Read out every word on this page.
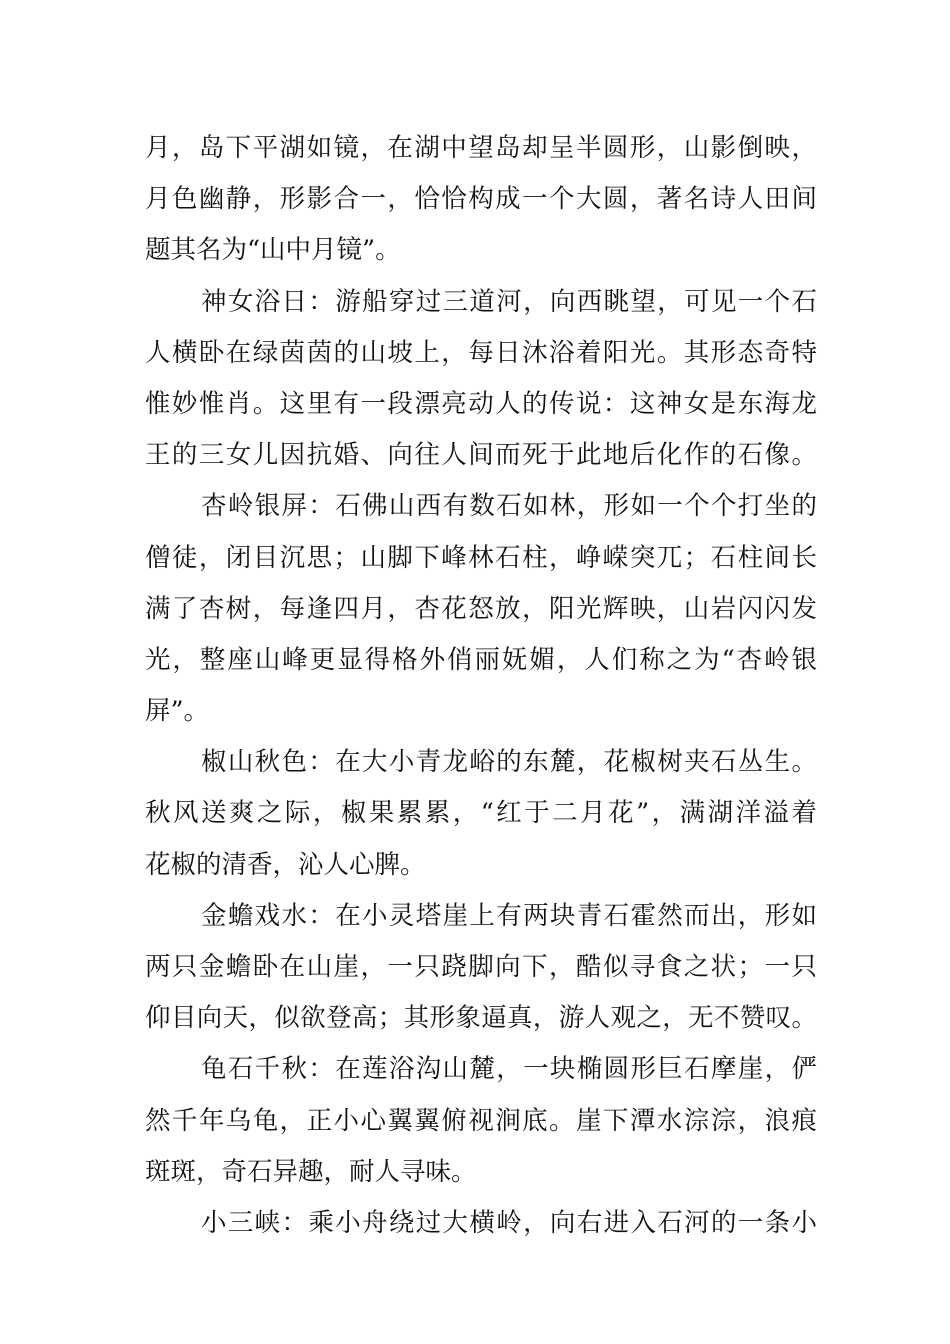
月，岛下平湖如镜，在湖中望岛却呈半圆形，山影倒映，
月色幽静，形影合一，恰恰构成一个大圆，著名诗人田间
题其名为“山中月镜”。
神女浴日：游船穿过三道河，向西眺望，可见一个石
人横卧在绿茵茵的山坡上，每日沐浴着阳光。其形态奇特
惟妙惟肖。这里有一段漂亮动人的传说：这神女是东海龙
王的三女儿因抗婚、向往人间而死于此地后化作的石像。
杏岭银屏：石佛山西有数石如林，形如一个个打坐的
僧徒，闭目沉思；山脚下峰林石柱，峥嵘突兀；石柱间长
满了杏树，每逢四月，杏花怒放，阳光辉映，山岩闪闪发
光，整座山峰更显得格外俏丽妩媚，人们称之为“杏岭银
屏”。
椒山秋色：在大小青龙峪的东麓，花椒树夹石丛生。
秋风送爽之际，椒果累累，“红于二月花”，满湖洋溢着
花椒的清香，沁人心脾。
金蟾戏水：在小灵塔崖上有两块青石霍然而出，形如
两只金蟾卧在山崖，一只跷脚向下，酷似寻食之状；一只
仰目向天，似欲登高；其形象逼真，游人观之，无不赞叹。
龟石千秋：在莲浴沟山麓，一块椭圆形巨石摩崖，俨
然千年乌龟，正小心翼翼俯视涧底。崖下潭水淙淙，浪痕
斑斑，奇石异趣，耐人寻味。
小三峡：乘小舟绕过大横岭，向右进入石河的一条小
